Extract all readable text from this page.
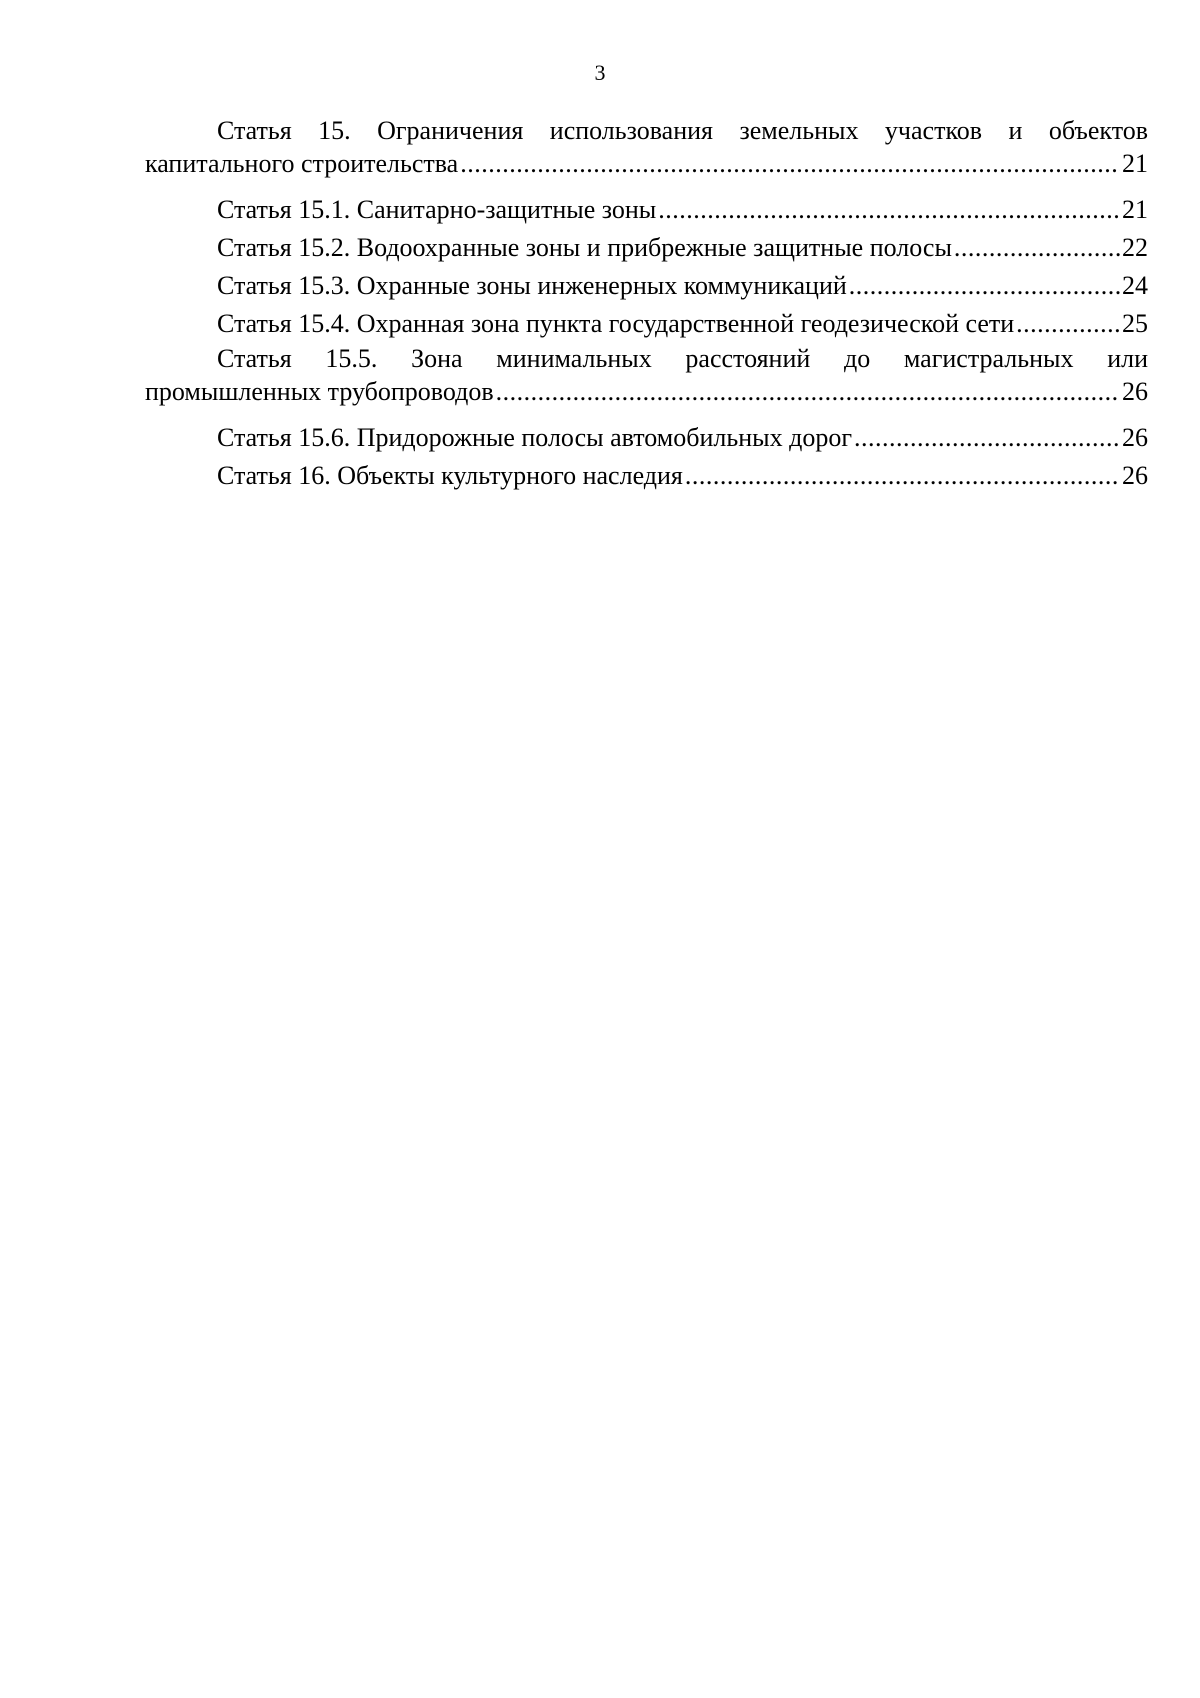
3
Статья 15. Ограничения использования земельных участков и объектов
капитального строительства . . .	21
Статья 15.1. Санитарно-защитные зоны . . .	21
Статья 15.2. Водоохранные зоны и прибрежные защитные полосы . . .	22
Статья 15.3. Охранные зоны инженерных коммуникаций . . .	24
Статья 15.4. Охранная зона пункта государственной геодезической сети . . .	25
Статья 15.5. Зона минимальных расстояний до магистральных или
промышленных трубопроводов . . .	26
Статья 15.6. Придорожные полосы автомобильных дорог . . .	26
Статья 16. Объекты культурного наследия . . .	26
